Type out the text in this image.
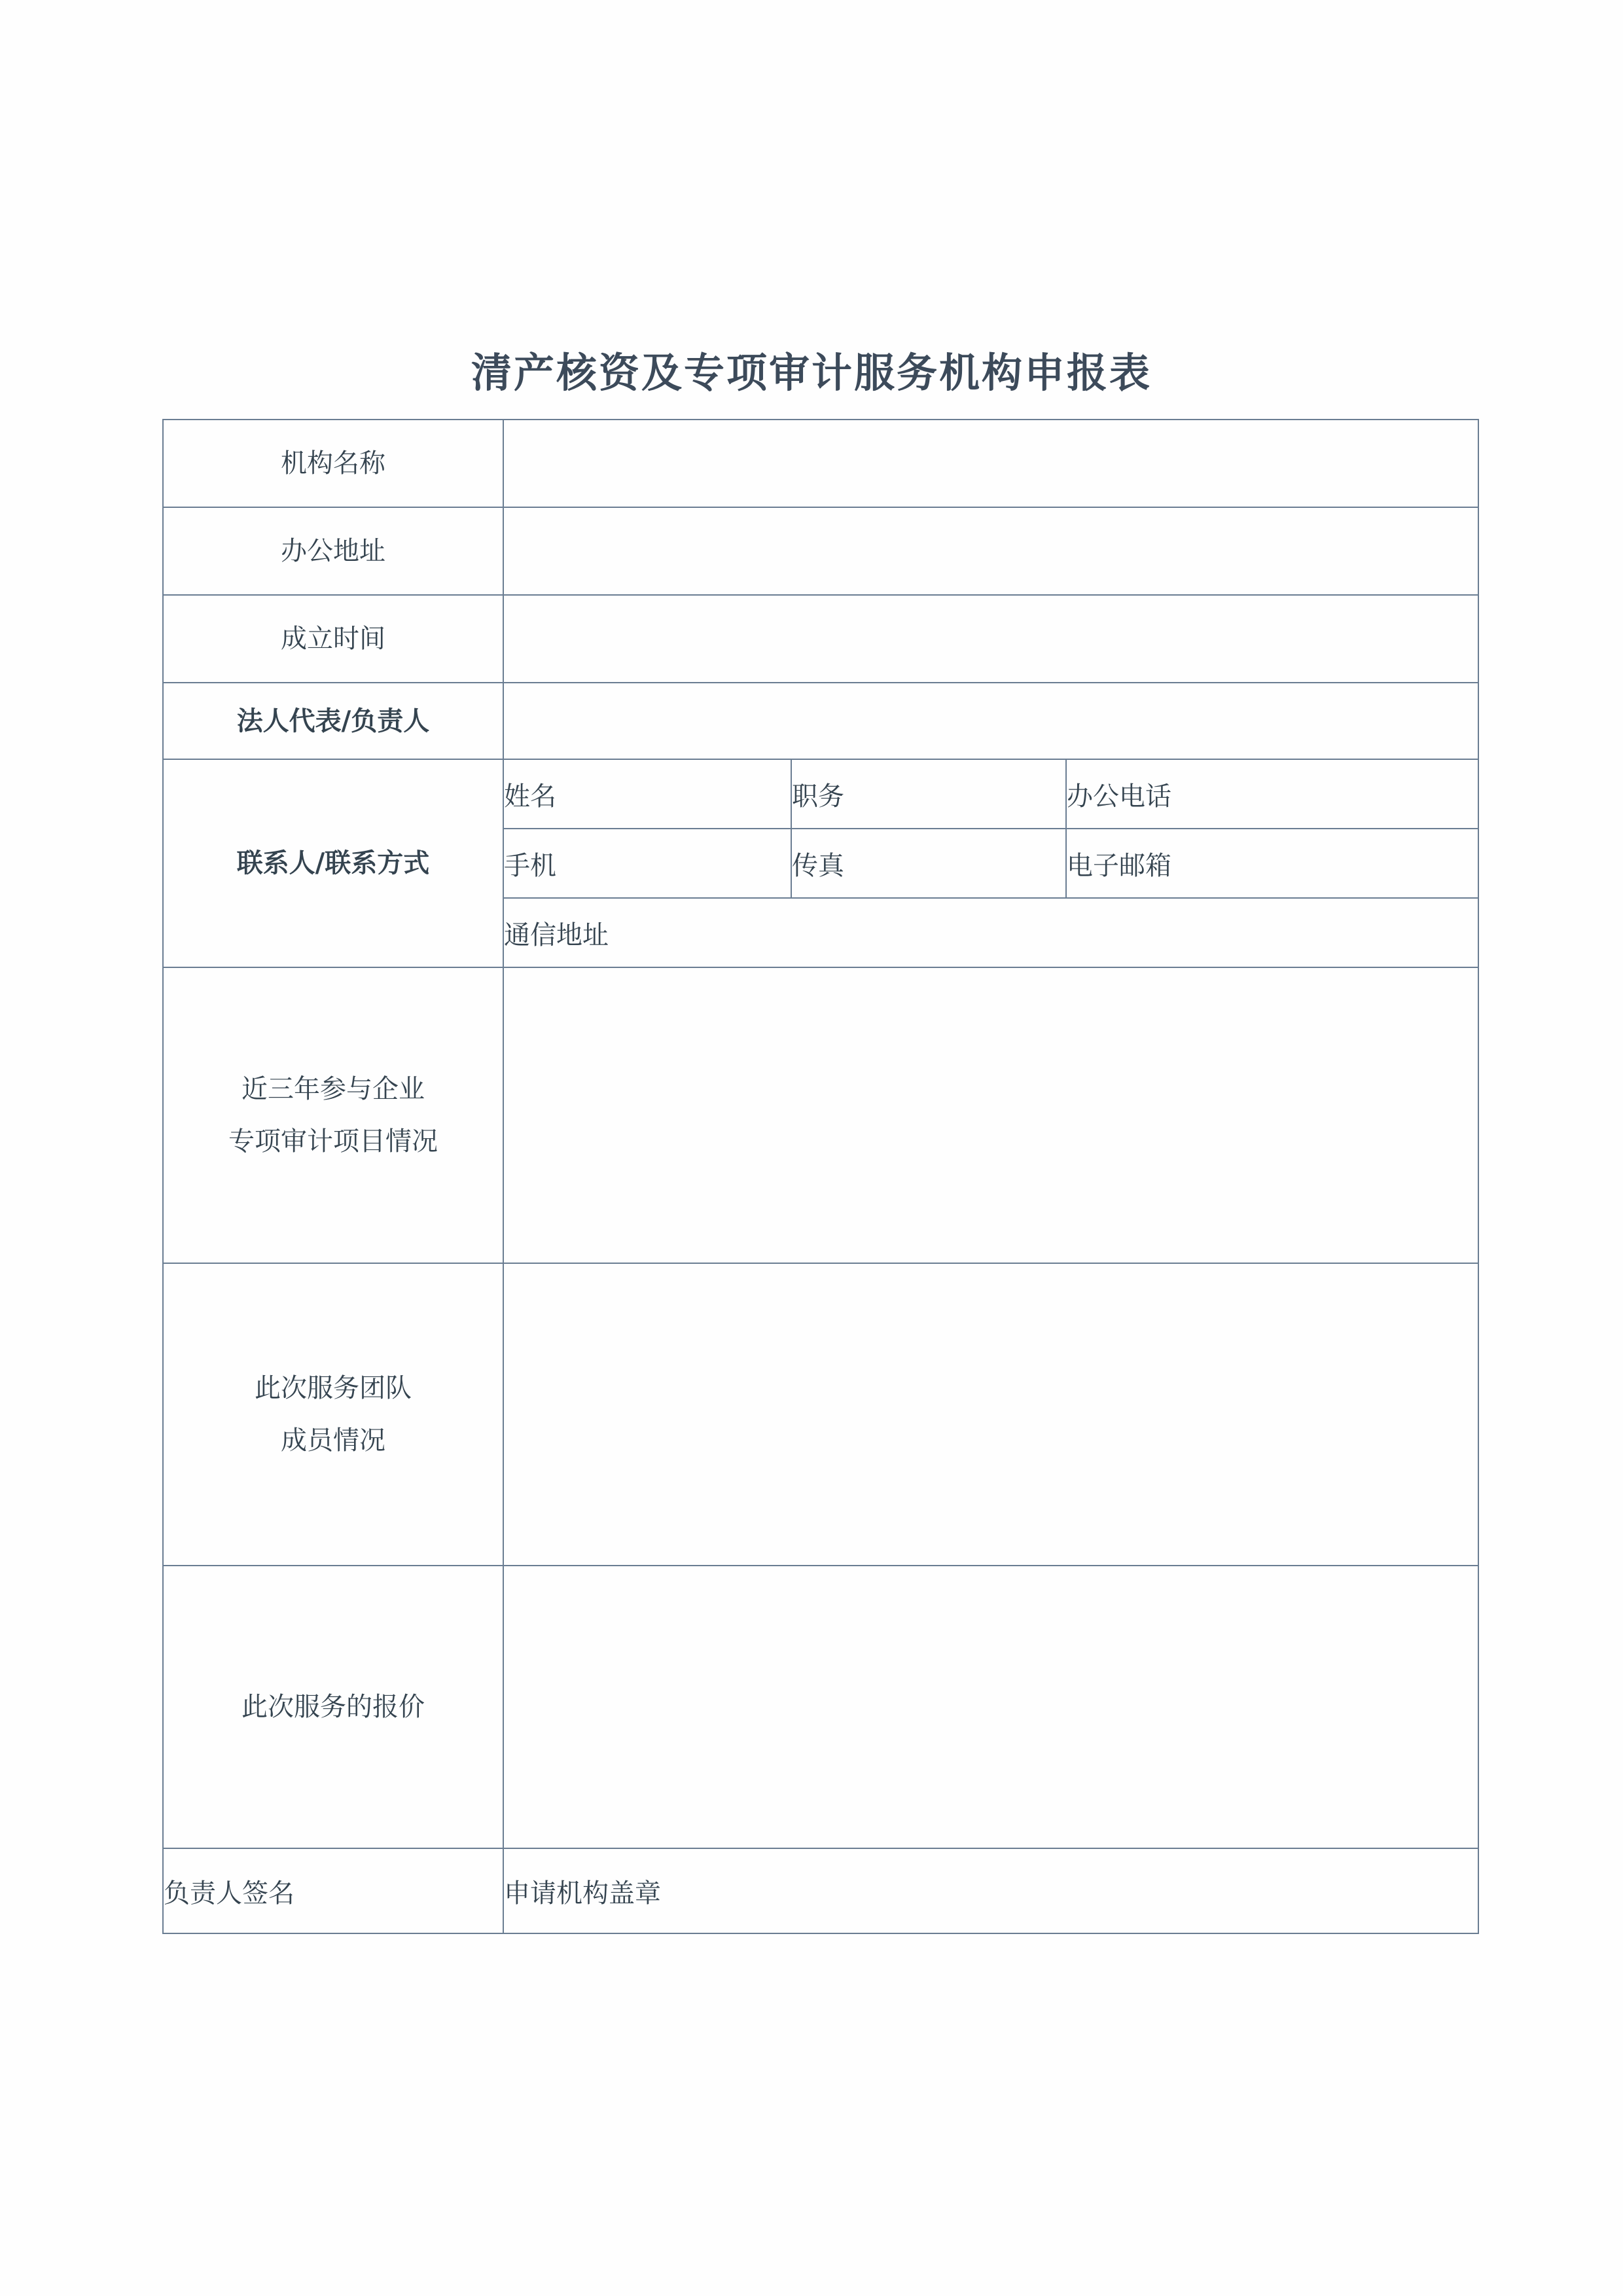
清产核资及专项审计服务机构申报表
机构名称			
办公地址			
成立时间			
法人代表/负责人			
联系人/联系方式	姓名	职务	办公电话
	手机	传真	电子邮箱
	通信地址		

近三年参与企业
专项审计项目情况			

此次服务团队
成员情况			

此次服务的报价			
负责人签名	申请机构盖章		
